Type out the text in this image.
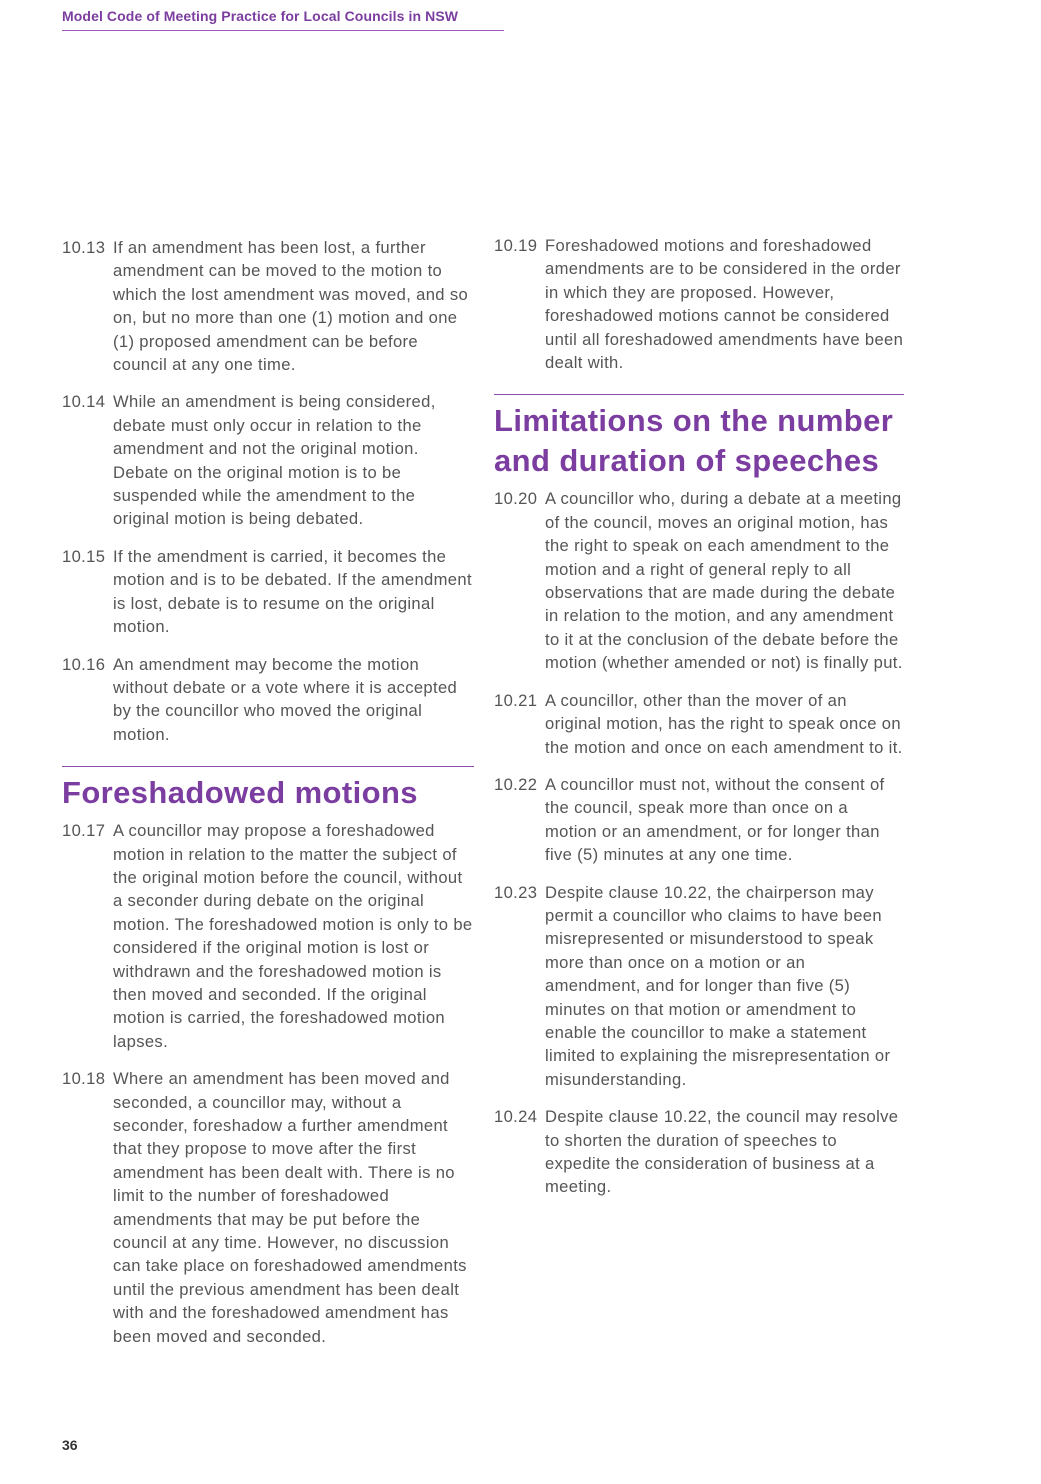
Model Code of Meeting Practice for Local Councils in NSW
10.13 If an amendment has been lost, a further amendment can be moved to the motion to which the lost amendment was moved, and so on, but no more than one (1) motion and one (1) proposed amendment can be before council at any one time.
10.14 While an amendment is being considered, debate must only occur in relation to the amendment and not the original motion. Debate on the original motion is to be suspended while the amendment to the original motion is being debated.
10.15 If the amendment is carried, it becomes the motion and is to be debated. If the amendment is lost, debate is to resume on the original motion.
10.16 An amendment may become the motion without debate or a vote where it is accepted by the councillor who moved the original motion.
Foreshadowed motions
10.17 A councillor may propose a foreshadowed motion in relation to the matter the subject of the original motion before the council, without a seconder during debate on the original motion. The foreshadowed motion is only to be considered if the original motion is lost or withdrawn and the foreshadowed motion is then moved and seconded. If the original motion is carried, the foreshadowed motion lapses.
10.18 Where an amendment has been moved and seconded, a councillor may, without a seconder, foreshadow a further amendment that they propose to move after the first amendment has been dealt with. There is no limit to the number of foreshadowed amendments that may be put before the council at any time. However, no discussion can take place on foreshadowed amendments until the previous amendment has been dealt with and the foreshadowed amendment has been moved and seconded.
10.19 Foreshadowed motions and foreshadowed amendments are to be considered in the order in which they are proposed. However, foreshadowed motions cannot be considered until all foreshadowed amendments have been dealt with.
Limitations on the number and duration of speeches
10.20 A councillor who, during a debate at a meeting of the council, moves an original motion, has the right to speak on each amendment to the motion and a right of general reply to all observations that are made during the debate in relation to the motion, and any amendment to it at the conclusion of the debate before the motion (whether amended or not) is finally put.
10.21 A councillor, other than the mover of an original motion, has the right to speak once on the motion and once on each amendment to it.
10.22 A councillor must not, without the consent of the council, speak more than once on a motion or an amendment, or for longer than five (5) minutes at any one time.
10.23 Despite clause 10.22, the chairperson may permit a councillor who claims to have been misrepresented or misunderstood to speak more than once on a motion or an amendment, and for longer than five (5) minutes on that motion or amendment to enable the councillor to make a statement limited to explaining the misrepresentation or misunderstanding.
10.24 Despite clause 10.22, the council may resolve to shorten the duration of speeches to expedite the consideration of business at a meeting.
36
